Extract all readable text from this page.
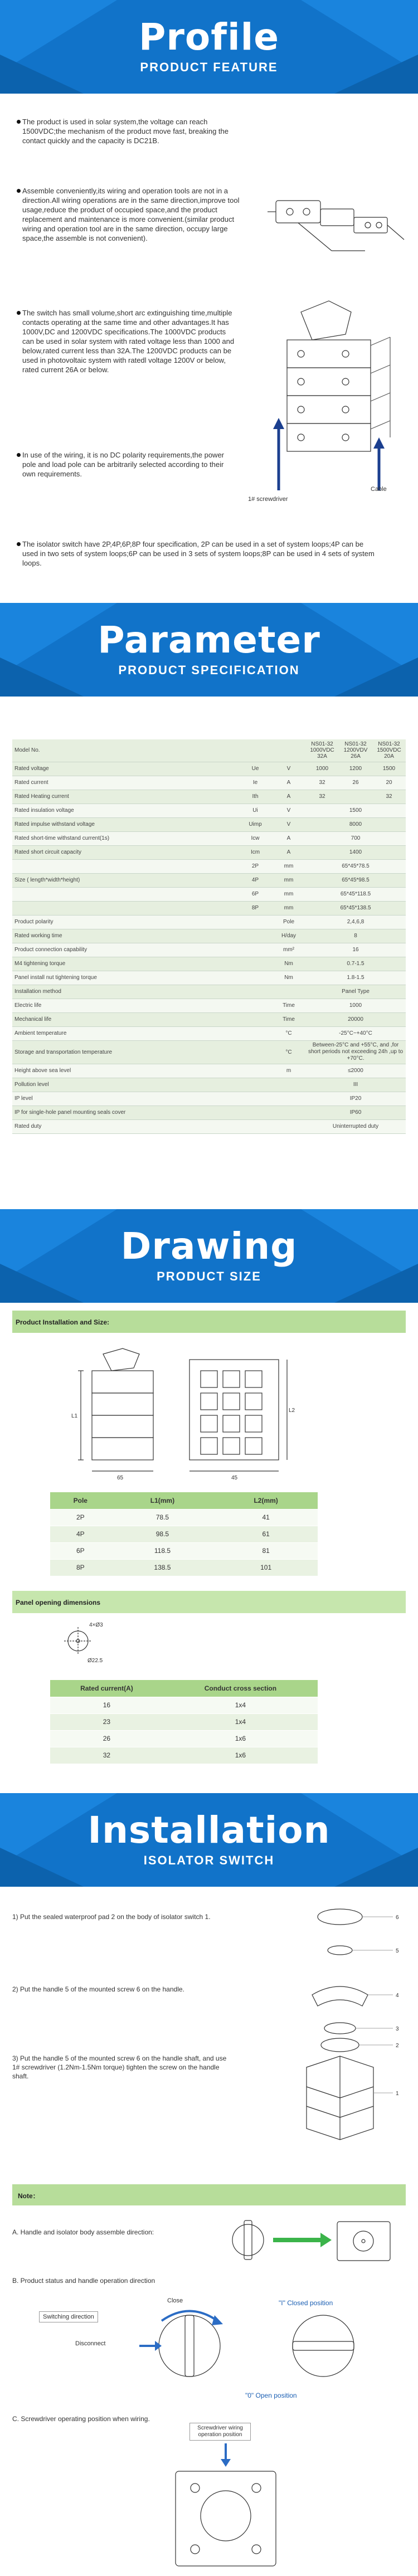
Profile
PRODUCT FEATURE
The product is used in solar system,the voltage can reach 1500VDC;the mechanism of the product move fast, breaking the contact quickly and the capacity is DC21B.
Assemble conveniently,its wiring and operation tools are not in a direction.All wiring operations are in the same direction,improve tool usage,reduce the product of occupied space,and the product replacement and maintenance is more convenient.(similar product wiring and operation tool are in the same direction, occupy large space,the assemble is not convenient).
The switch has small volume,short arc extinguishing time,multiple contacts operating at the same time and other advantages.It has 1000V,DC and 1200VDC specifications.The 1000VDC products can be used in solar system with rated voltage less than 1000 and below,rated current less than 32A.The 1200VDC products can be used in photovoltaic system with ratedl voltage 1200V or below, rated current 26A or below.
1# screwdriver
Cable
In use of the wiring, it is no DC polarity requirements,the power pole and load pole can be arbitrarily selected according to their own requirements.
The isolator switch have 2P,4P,6P,8P four specification, 2P can be used in a set of system loops;4P can be used in two sets of system loops;6P can be used in 3 sets of system loops;8P can be used in 4 sets of system loops.
Parameter
PRODUCT SPECIFICATION
Model No.			NS01-32 1000VDC 32A	NS01-32 1200VDV 26A	NS01-32 1500VDC 20A
Rated voltage	Ue	V	1000	1200	1500
Rated current	Ie	A	32	26	20
Rated Heating current	Ith	A	32		32
Rated insulation voltage	Ui	V	1500		
Rated impulse withstand voltage	Uimp	V	8000		
Rated short-time withstand current(1s)	Icw	A	700		
Rated short circuit capacity	Icm	A	1400		
	2P	mm	65*45*78.5		
Size ( length*width*height)	4P	mm	65*45*98.5		
	6P	mm	65*45*118.5		
	8P	mm	65*45*138.5		
Product polarity		Pole	2,4,6,8		
Rated working time		H/day	8		
Product connection capability		mm²	16		
M4 tightening torque		Nm	0.7-1.5		
Panel install nut tightening torque		Nm	1.8-1.5		
Installation method			Panel Type		
Electric life		Time	1000		
Mechanical life		Time	20000		
Ambient temperature		°C	-25°C~+40°C		
Storage and transportation temperature		°C	Between-25°C and +55°C, and ,for short periods not exceeding 24h ,up to +70°C.		
Height above sea level		m	≤2000		
Pollution level			III		
IP level			IP20		
IP for single-hole panel mounting seals cover			IP60		
Rated duty			Uninterrupted duty		
Drawing
PRODUCT SIZE
Product Installation and Size:
65	45
L1
L2
Pole	L1(mm)	L2(mm)
2P	78.5	41
4P	98.5	61
6P	118.5	81
8P	138.5	101
Panel opening dimensions
4×Ø3
Ø22.5
Rated current(A)	Conduct cross section
16	1x4
23	1x4
26	1x6
32	1x6
Installation
ISOLATOR SWITCH
1) Put the sealed waterproof pad 2 on the body of isolator switch 1.
2) Put the handle 5 of the mounted screw 6 on the handle.
3) Put the handle 5 of the mounted screw 6 on the handle shaft, and use 1# screwdriver (1.2Nm-1.5Nm torque) tighten the screw on the handle shaft.
6
5
4
3
2
1
Note：
A. Handle and isolator body assemble direction:
B. Product status and handle operation direction
Close
Switching direction
Disconnect
"I" Closed position
"0" Open position
C. Screwdriver operating position when wiring.
Screwdriver wiring operation position
